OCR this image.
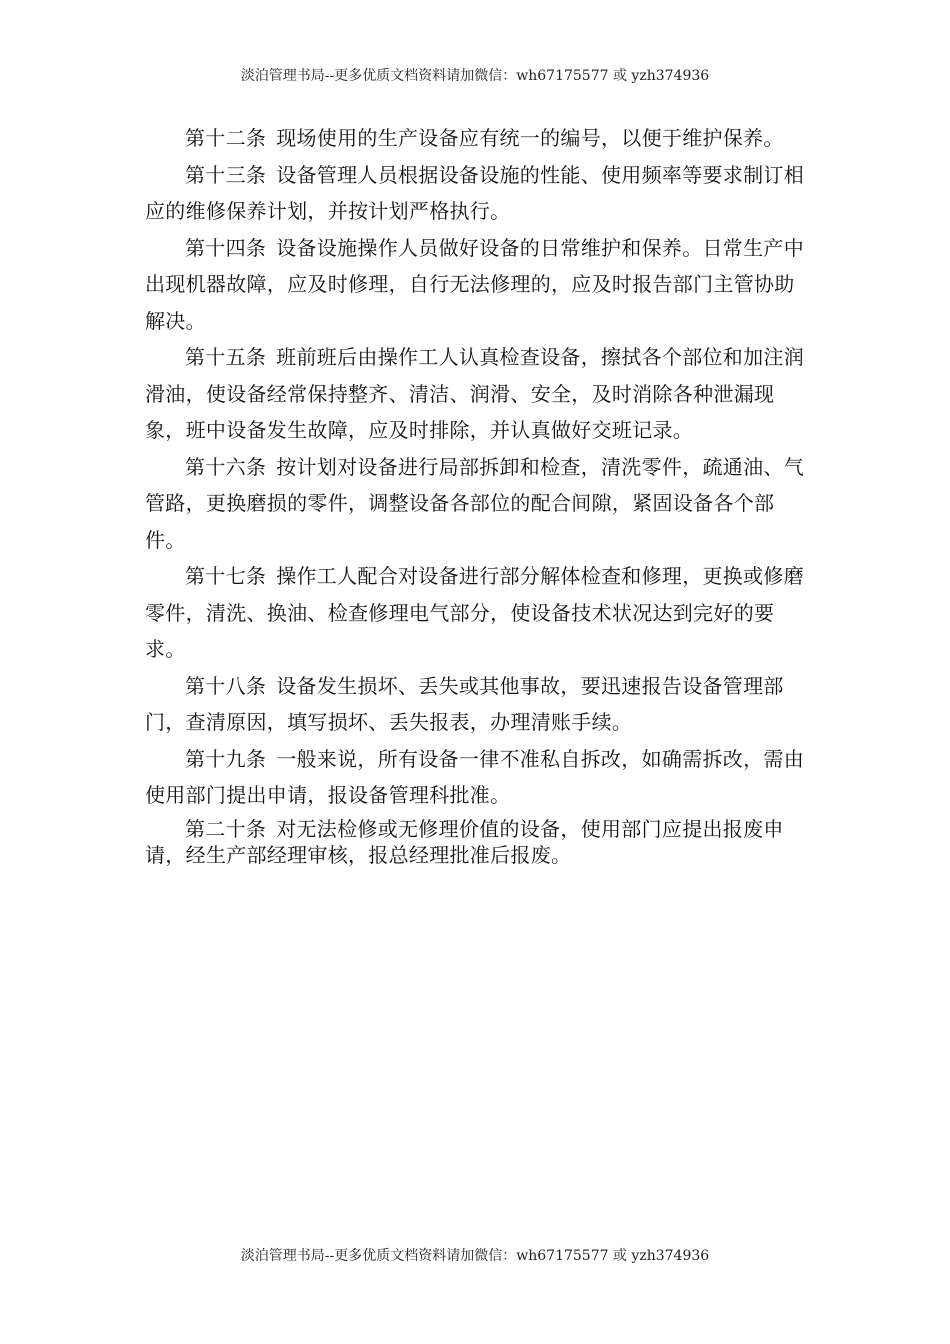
淡泊管理书局--更多优质文档资料请加微信：wh67175577 或 yzh374936

第十二条 现场使用的生产设备应有统一的编号，以便于维护保养。

第十三条 设备管理人员根据设备设施的性能、使用频率等要求制订相应的维修保养计划，并按计划严格执行。

第十四条 设备设施操作人员做好设备的日常维护和保养。日常生产中出现机器故障，应及时修理，自行无法修理的，应及时报告部门主管协助解决。

第十五条 班前班后由操作工人认真检查设备，擦拭各个部位和加注润滑油，使设备经常保持整齐、清洁、润滑、安全，及时消除各种泄漏现象，班中设备发生故障，应及时排除，并认真做好交班记录。

第十六条 按计划对设备进行局部拆卸和检查，清洗零件，疏通油、气管路，更换磨损的零件，调整设备各部位的配合间隙，紧固设备各个部件。

第十七条 操作工人配合对设备进行部分解体检查和修理，更换或修磨零件，清洗、换油、检查修理电气部分，使设备技术状况达到完好的要求。

第十八条 设备发生损坏、丢失或其他事故，要迅速报告设备管理部门，查清原因，填写损坏、丢失报表，办理清账手续。

第十九条 一般来说，所有设备一律不准私自拆改，如确需拆改，需由使用部门提出申请，报设备管理科批准。

第二十条 对无法检修或无修理价值的设备，使用部门应提出报废申请，经生产部经理审核，报总经理批准后报废。

淡泊管理书局--更多优质文档资料请加微信：wh67175577 或 yzh374936
